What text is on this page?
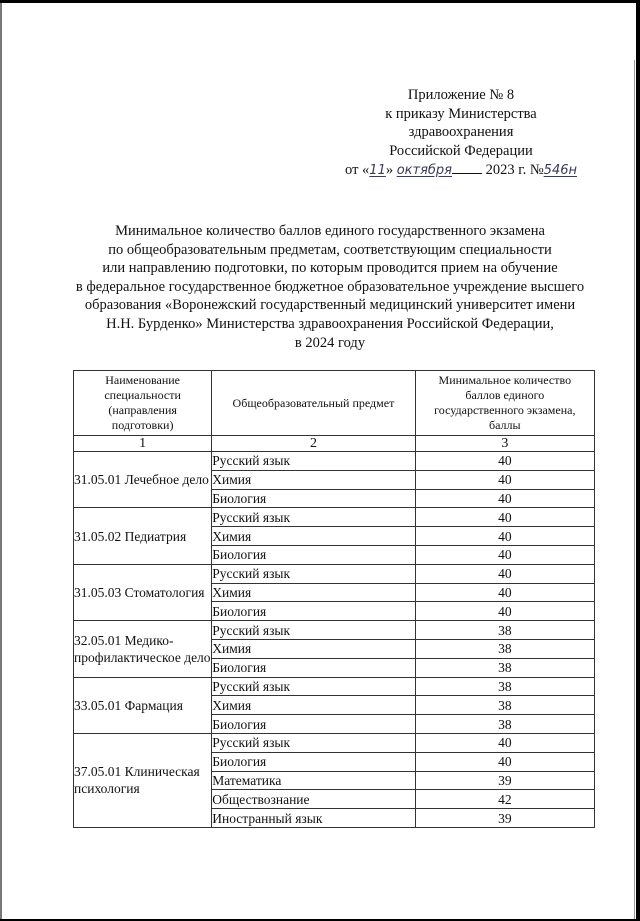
Приложение № 8
к приказу Министерства
здравоохранения
Российской Федерации
от «11» октября 2023 г. №546н
Минимальное количество баллов единого государственного экзамена
по общеобразовательным предметам, соответствующим специальности
или направлению подготовки, по которым проводится прием на обучение
в федеральное государственное бюджетное образовательное учреждение высшего
образования «Воронежский государственный медицинский университет имени
Н.Н. Бурденко» Министерства здравоохранения Российской Федерации,
в 2024 году
Наименование специальности (направления подготовки)	Общеобразовательный предмет	Минимальное количество баллов единого государственного экзамена, баллы
1	2	3
31.05.01 Лечебное дело	Русский язык	40
	Химия	40
	Биология	40
31.05.02 Педиатрия	Русский язык	40
	Химия	40
	Биология	40
31.05.03 Стоматология	Русский язык	40
	Химия	40
	Биология	40
32.05.01 Медико-профилактическое дело	Русский язык	38
	Химия	38
	Биология	38
33.05.01 Фармация	Русский язык	38
	Химия	38
	Биология	38
37.05.01 Клиническая психология	Русский язык	40
	Биология	40
	Математика	39
	Обществознание	42
	Иностранный язык	39
